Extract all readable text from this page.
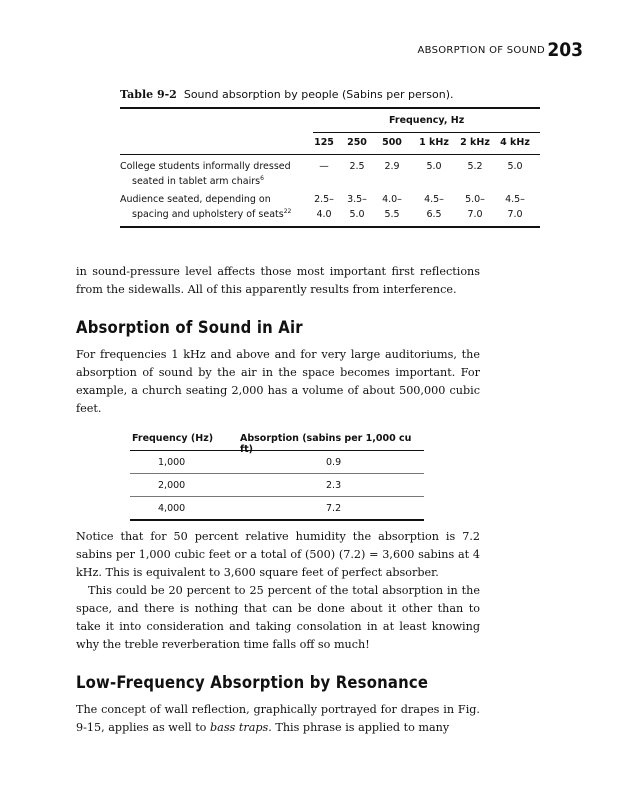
ABSORPTION OF SOUND 203
Table 9-2 Sound absorption by people (Sabins per person).
Frequency, Hz
125	250	500	1 kHz	2 kHz	4 kHz
College students informally dressed
seated in tablet arm chairs$^6$
—	2.5	2.9	5.0	5.2	5.0
Audience seated, depending on
spacing and upholstery of seats$^{22}$
2.5–	3.5–	4.0–	4.5–	5.0–	4.5–
4.0	5.0	5.5	6.5	7.0	7.0

in sound-pressure level affects those most important first reflections from the sidewalls. All of this apparently results from interference.

Absorption of Sound in Air

For frequencies 1 kHz and above and for very large auditoriums, the absorption of sound by the air in the space becomes important. For example, a church seating 2,000 has a volume of about 500,000 cubic feet.

Frequency (Hz)	Absorption (sabins per 1,000 cu ft)
1,000	0.9
2,000	2.3
4,000	7.2

Notice that for 50 percent relative humidity the absorption is 7.2 sabins per 1,000 cubic feet or a total of (500) (7.2) = 3,600 sabins at 4 kHz. This is equivalent to 3,600 square feet of perfect absorber.

This could be 20 percent to 25 percent of the total absorption in the space, and there is nothing that can be done about it other than to take it into consideration and taking consolation in at least knowing why the treble reverberation time falls off so much!

Low-Frequency Absorption by Resonance

The concept of wall reflection, graphically portrayed for drapes in Fig. 9-15, applies as well to bass traps. This phrase is applied to many
